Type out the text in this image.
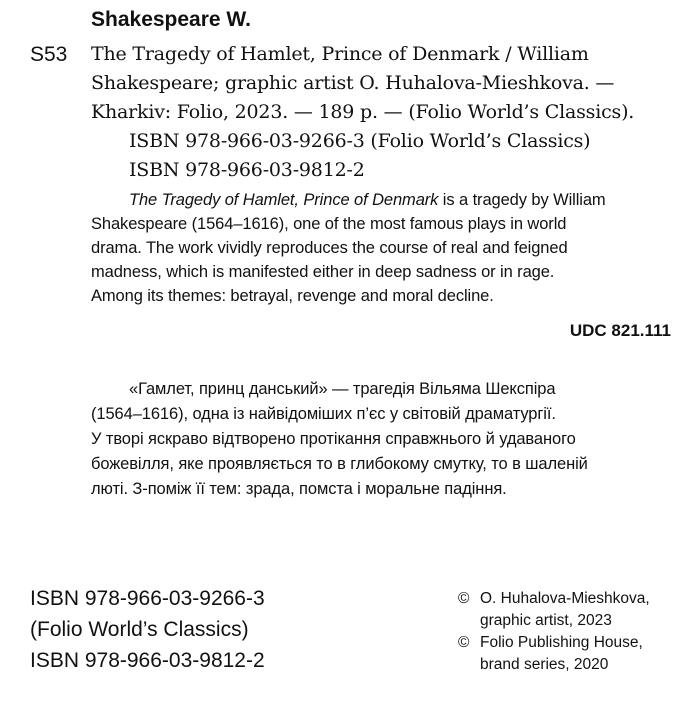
Shakespeare W.
S53 The Tragedy of Hamlet, Prince of Denmark / William
Shakespeare; graphic artist O. Huhalova-Mieshkova. —
Kharkiv: Folio, 2023. — 189 p. — (Folio World’s Classics).
ISBN 978-966-03-9266-3 (Folio World’s Classics)
ISBN 978-966-03-9812-2
The Tragedy of Hamlet, Prince of Denmark is a tragedy by William
Shakespeare (1564–1616), one of the most famous plays in world
drama. The work vividly reproduces the course of real and feigned
madness, which is manifested either in deep sadness or in rage.
Among its themes: betrayal, revenge and moral decline.
UDC 821.111
«Гамлет, принц данський» — трагедія Вільяма Шекспіра
(1564–1616), одна із найвідоміших п’єс у світовій драматургії.
У творі яскраво відтворено протікання справжнього й удаваного
божевілля, яке проявляється то в глибокому смутку, то в шаленій
люті. З-поміж її тем: зрада, помста і моральне падіння.
ISBN 978-966-03-9266-3
(Folio World’s Classics)
ISBN 978-966-03-9812-2
© O. Huhalova-Mieshkova,
graphic artist, 2023
© Folio Publishing House,
brand series, 2020
